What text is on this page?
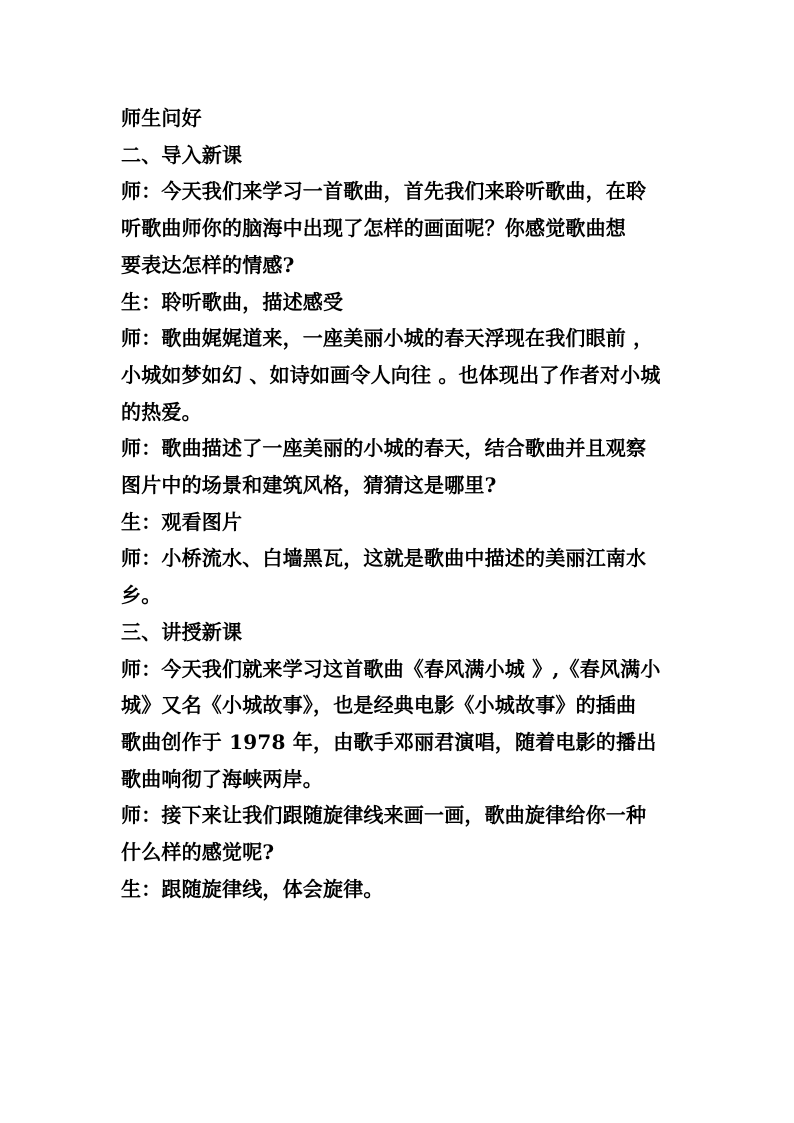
师生问好
二、导入新课
师：今天我们来学习一首歌曲，首先我们来聆听歌曲，在聆
听歌曲师你的脑海中出现了怎样的画面呢？你感觉歌曲想
要表达怎样的情感?
生：聆听歌曲，描述感受
师：歌曲娓娓道来，一座美丽小城的春天浮现在我们眼前 ，
小城如梦如幻 、如诗如画令人向往 。也体现出了作者对小城
的热爱。
师：歌曲描述了一座美丽的小城的春天，结合歌曲并且观察
图片中的场景和建筑风格，猜猜这是哪里?
生：观看图片
师：小桥流水、白墙黑瓦，这就是歌曲中描述的美丽江南水
乡。
三、讲授新课
师：今天我们就来学习这首歌曲《春风满小城 》,《春风满小
城》又名《小城故事》，也是经典电影《小城故事》的插曲
歌曲创作于 1978 年，由歌手邓丽君演唱，随着电影的播出
歌曲响彻了海峡两岸。
师：接下来让我们跟随旋律线来画一画，歌曲旋律给你一种
什么样的感觉呢?
生：跟随旋律线，体会旋律。
